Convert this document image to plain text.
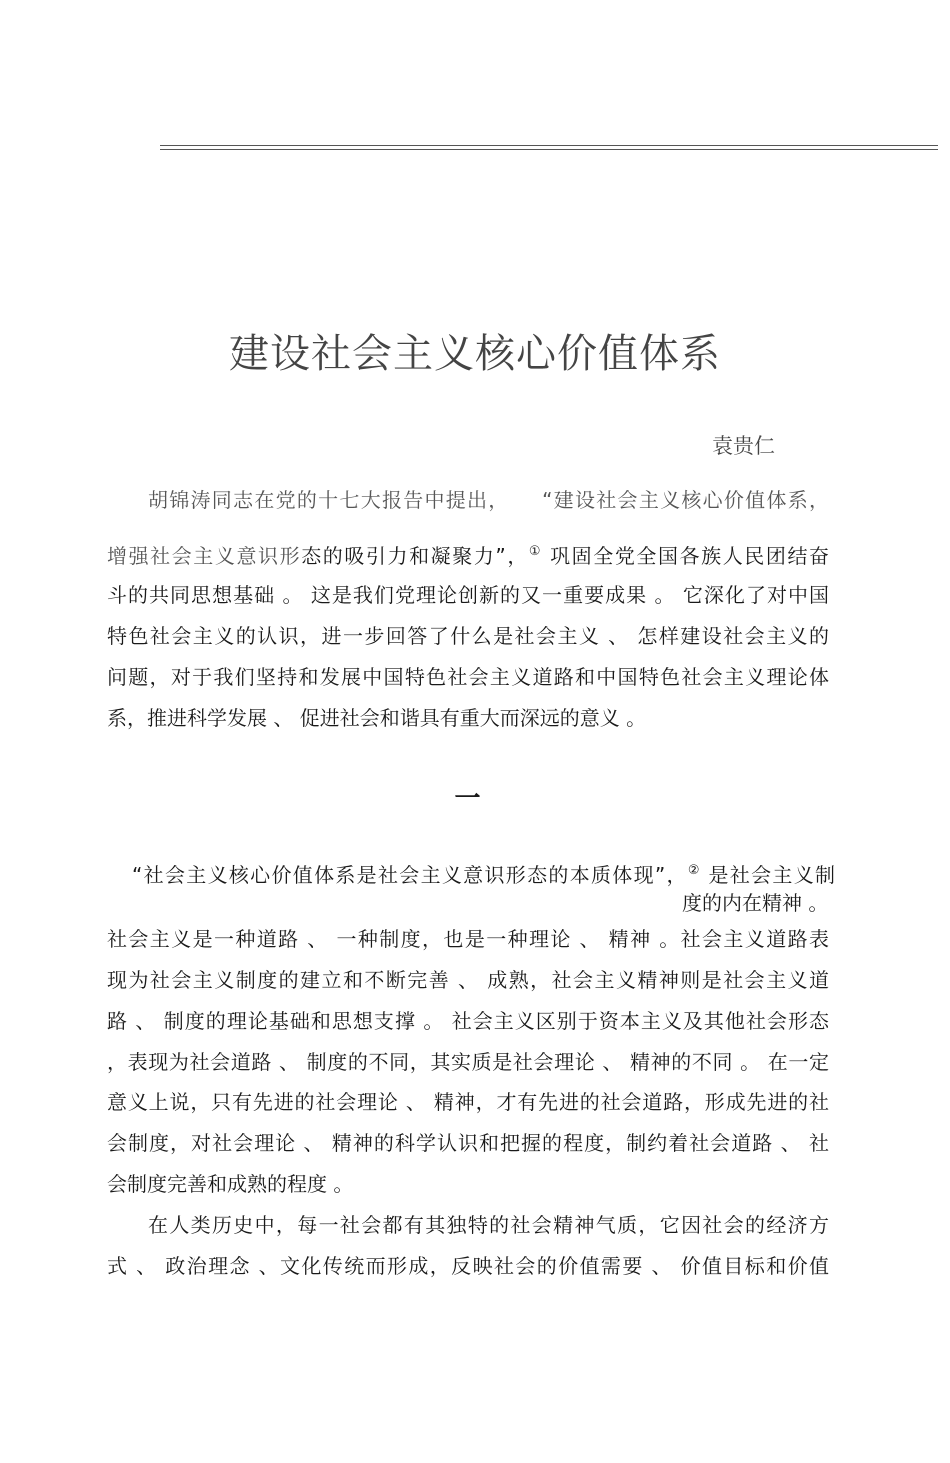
建设社会主义核心价值体系
袁贵仁
胡锦涛同志在党的十七大报告中提出，　　“建设社会主义核心价值体系，
增强社会主义意识形态的吸引力和凝聚力”，① 巩固全党全国各族人民团结奋
斗的共同思想基础 。 这是我们党理论创新的又一重要成果 。 它深化了对中国
特色社会主义的认识，进一步回答了什么是社会主义 、 怎样建设社会主义的
问题，对于我们坚持和发展中国特色社会主义道路和中国特色社会主义理论体
系，推进科学发展 、 促进社会和谐具有重大而深远的意义 。
一
“社会主义核心价值体系是社会主义意识形态的本质体现”，② 是社会主义制
度的内在精神 。
社会主义是一种道路 、 一种制度，也是一种理论 、 精神 。社会主义道路表
现为社会主义制度的建立和不断完善 、 成熟，社会主义精神则是社会主义道
路 、 制度的理论基础和思想支撑 。 社会主义区别于资本主义及其他社会形态
，表现为社会道路 、 制度的不同，其实质是社会理论 、 精神的不同 。 在一定
意义上说，只有先进的社会理论 、 精神，才有先进的社会道路，形成先进的社
会制度，对社会理论 、 精神的科学认识和把握的程度，制约着社会道路 、 社
会制度完善和成熟的程度 。
在人类历史中，每一社会都有其独特的社会精神气质，它因社会的经济方
式 、 政治理念 、文化传统而形成，反映社会的价值需要 、 价值目标和价值
